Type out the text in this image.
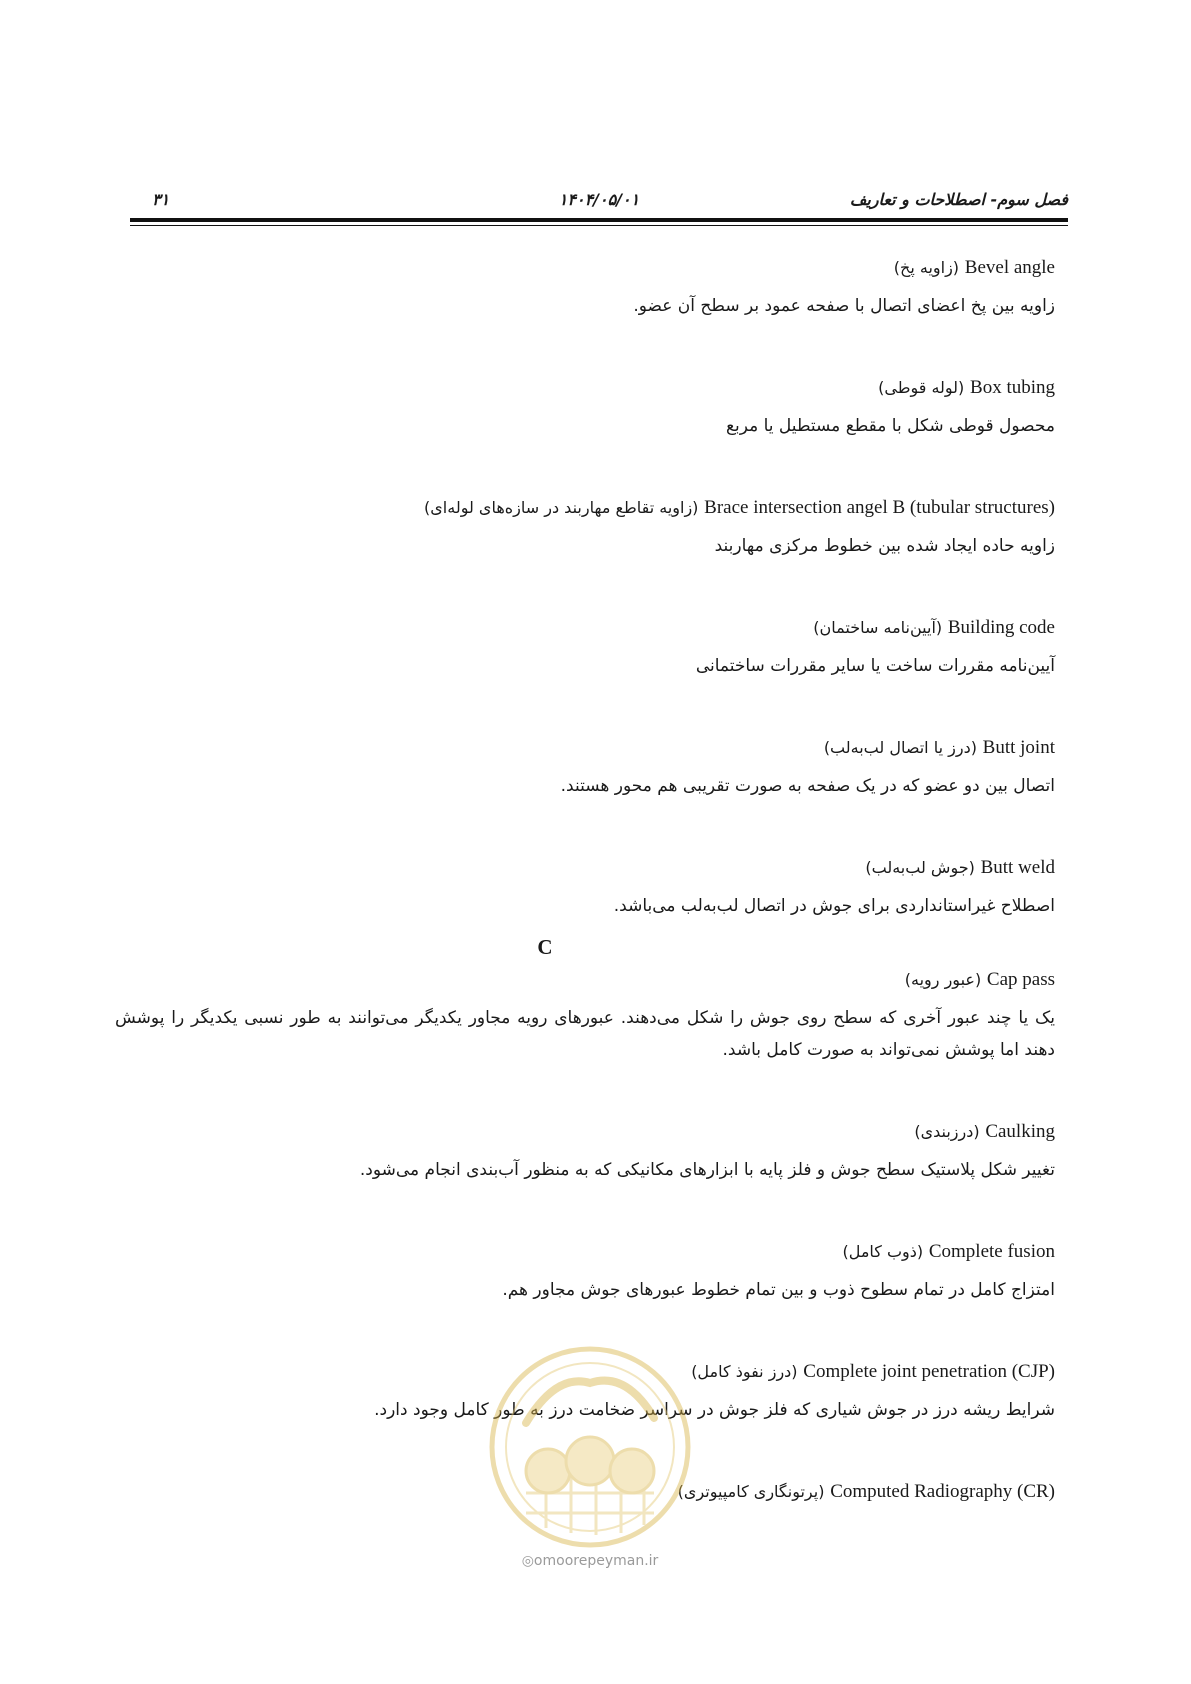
فصل سوم- اصطلاحات و تعاریف
۱۴۰۴/۰۵/۰۱
۳۱
Bevel angle (زاویه پخ)
زاویه بین پخ اعضای اتصال با صفحه عمود بر سطح آن عضو.
Box tubing (لوله قوطی)
محصول قوطی شکل با مقطع مستطیل یا مربع
Brace intersection angel B (tubular structures) (زاویه تقاطع مهاربند در سازه‌های لوله‌ای)
زاویه حاده ایجاد شده بین خطوط مرکزی مهاربند
Building code (آیین‌نامه ساختمان)
آیین‌نامه مقررات ساخت یا سایر مقررات ساختمانی
Butt joint (درز یا اتصال لب‌به‌لب)
اتصال بین دو عضو که در یک صفحه به صورت تقریبی هم محور هستند.
Butt weld (جوش لب‌به‌لب)
اصطلاح غیراستانداردی برای جوش در اتصال لب‌به‌لب می‌باشد.
C
Cap pass (عبور رویه)
یک یا چند عبور آخری که سطح روی جوش را شکل می‌دهند. عبورهای رویه مجاور یکدیگر می‌توانند به طور نسبی یکدیگر را پوشش دهند اما پوشش نمی‌تواند به صورت کامل باشد.
Caulking (درزبندی)
تغییر شکل پلاستیک سطح جوش و فلز پایه با ابزارهای مکانیکی که به منظور آب‌بندی انجام می‌شود.
Complete fusion (ذوب کامل)
امتزاج کامل در تمام سطوح ذوب و بین تمام خطوط عبورهای جوش مجاور هم.
Complete joint penetration (CJP) (درز نفوذ کامل)
شرایط ریشه درز در جوش شیاری که فلز جوش در سراسر ضخامت درز به طور کامل وجود دارد.
Computed Radiography (CR) (پرتونگاری کامپیوتری)
◎omoorepeyman.ir
